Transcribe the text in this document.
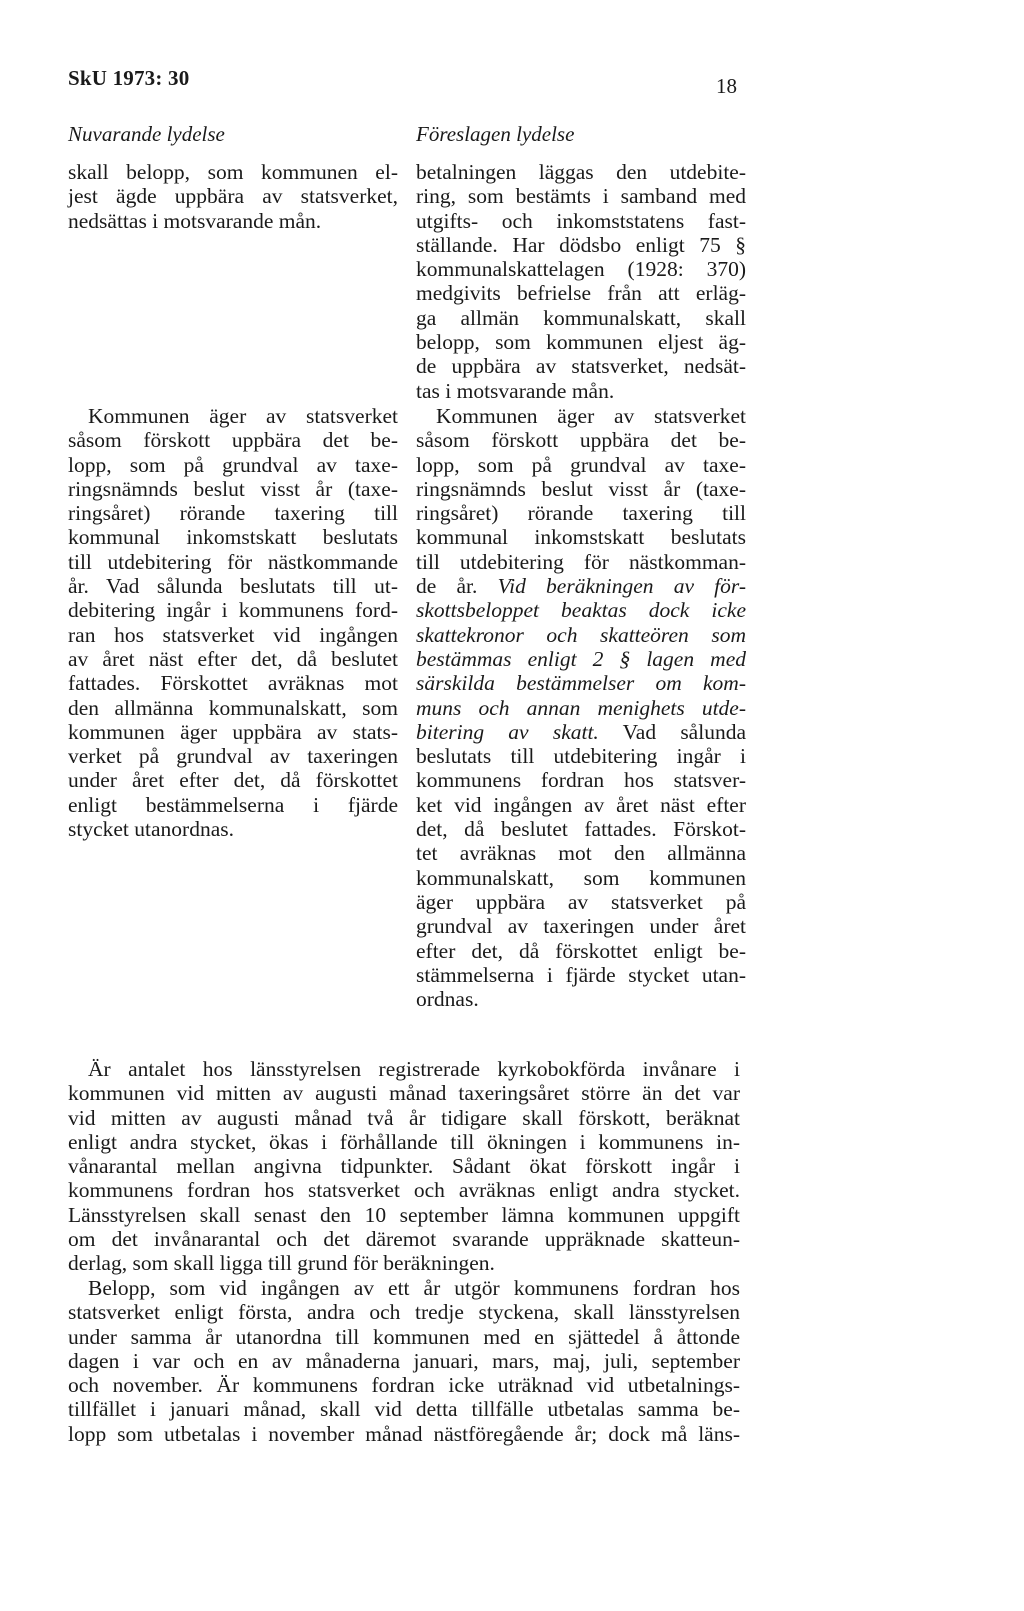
SkU 1973: 30	18
Nuvarande lydelse	Föreslagen lydelse
skall belopp, som kommunen el-
jest ägde uppbära av statsverket,
nedsättas i motsvarande mån.
Kommunen äger av statsverket
såsom förskott uppbära det be-
lopp, som på grundval av taxe-
ringsnämnds beslut visst år (taxe-
ringsåret) rörande taxering till
kommunal inkomstskatt beslutats
till utdebitering för nästkommande
år. Vad sålunda beslutats till ut-
debitering ingår i kommunens ford-
ran hos statsverket vid ingången
av året näst efter det, då beslutet
fattades. Förskottet avräknas mot
den allmänna kommunalskatt, som
kommunen äger uppbära av stats-
verket på grundval av taxeringen
under året efter det, då förskottet
enligt bestämmelserna i fjärde
stycket utanordnas.
betalningen läggas den utdebite-
ring, som bestämts i samband med
utgifts- och inkomststatens fast-
ställande. Har dödsbo enligt 75 §
kommunalskattelagen (1928: 370)
medgivits befrielse från att erläg-
ga allmän kommunalskatt, skall
belopp, som kommunen eljest äg-
de uppbära av statsverket, nedsät-
tas i motsvarande mån.
Kommunen äger av statsverket
såsom förskott uppbära det be-
lopp, som på grundval av taxe-
ringsnämnds beslut visst år (taxe-
ringsåret) rörande taxering till
kommunal inkomstskatt beslutats
till utdebitering för nästkomman-
de år. Vid beräkningen av för-
skottsbeloppet beaktas dock icke
skattekronor och skatteören som
bestämmas enligt 2 § lagen med
särskilda bestämmelser om kom-
muns och annan menighets utde-
bitering av skatt. Vad sålunda
beslutats till utdebitering ingår i
kommunens fordran hos statsver-
ket vid ingången av året näst efter
det, då beslutet fattades. Förskot-
tet avräknas mot den allmänna
kommunalskatt, som kommunen
äger uppbära av statsverket på
grundval av taxeringen under året
efter det, då förskottet enligt be-
stämmelserna i fjärde stycket utan-
ordnas.
Är antalet hos länsstyrelsen registrerade kyrkobokförda invånare i
kommunen vid mitten av augusti månad taxeringsåret större än det var
vid mitten av augusti månad två år tidigare skall förskott, beräknat
enligt andra stycket, ökas i förhållande till ökningen i kommunens in-
vånarantal mellan angivna tidpunkter. Sådant ökat förskott ingår i
kommunens fordran hos statsverket och avräknas enligt andra stycket.
Länsstyrelsen skall senast den 10 september lämna kommunen uppgift
om det invånarantal och det däremot svarande uppräknade skatteun-
derlag, som skall ligga till grund för beräkningen.
Belopp, som vid ingången av ett år utgör kommunens fordran hos
statsverket enligt första, andra och tredje styckena, skall länsstyrelsen
under samma år utanordna till kommunen med en sjättedel å åttonde
dagen i var och en av månaderna januari, mars, maj, juli, september
och november. Är kommunens fordran icke uträknad vid utbetalnings-
tillfället i januari månad, skall vid detta tillfälle utbetalas samma be-
lopp som utbetalas i november månad nästföregående år; dock må läns-
